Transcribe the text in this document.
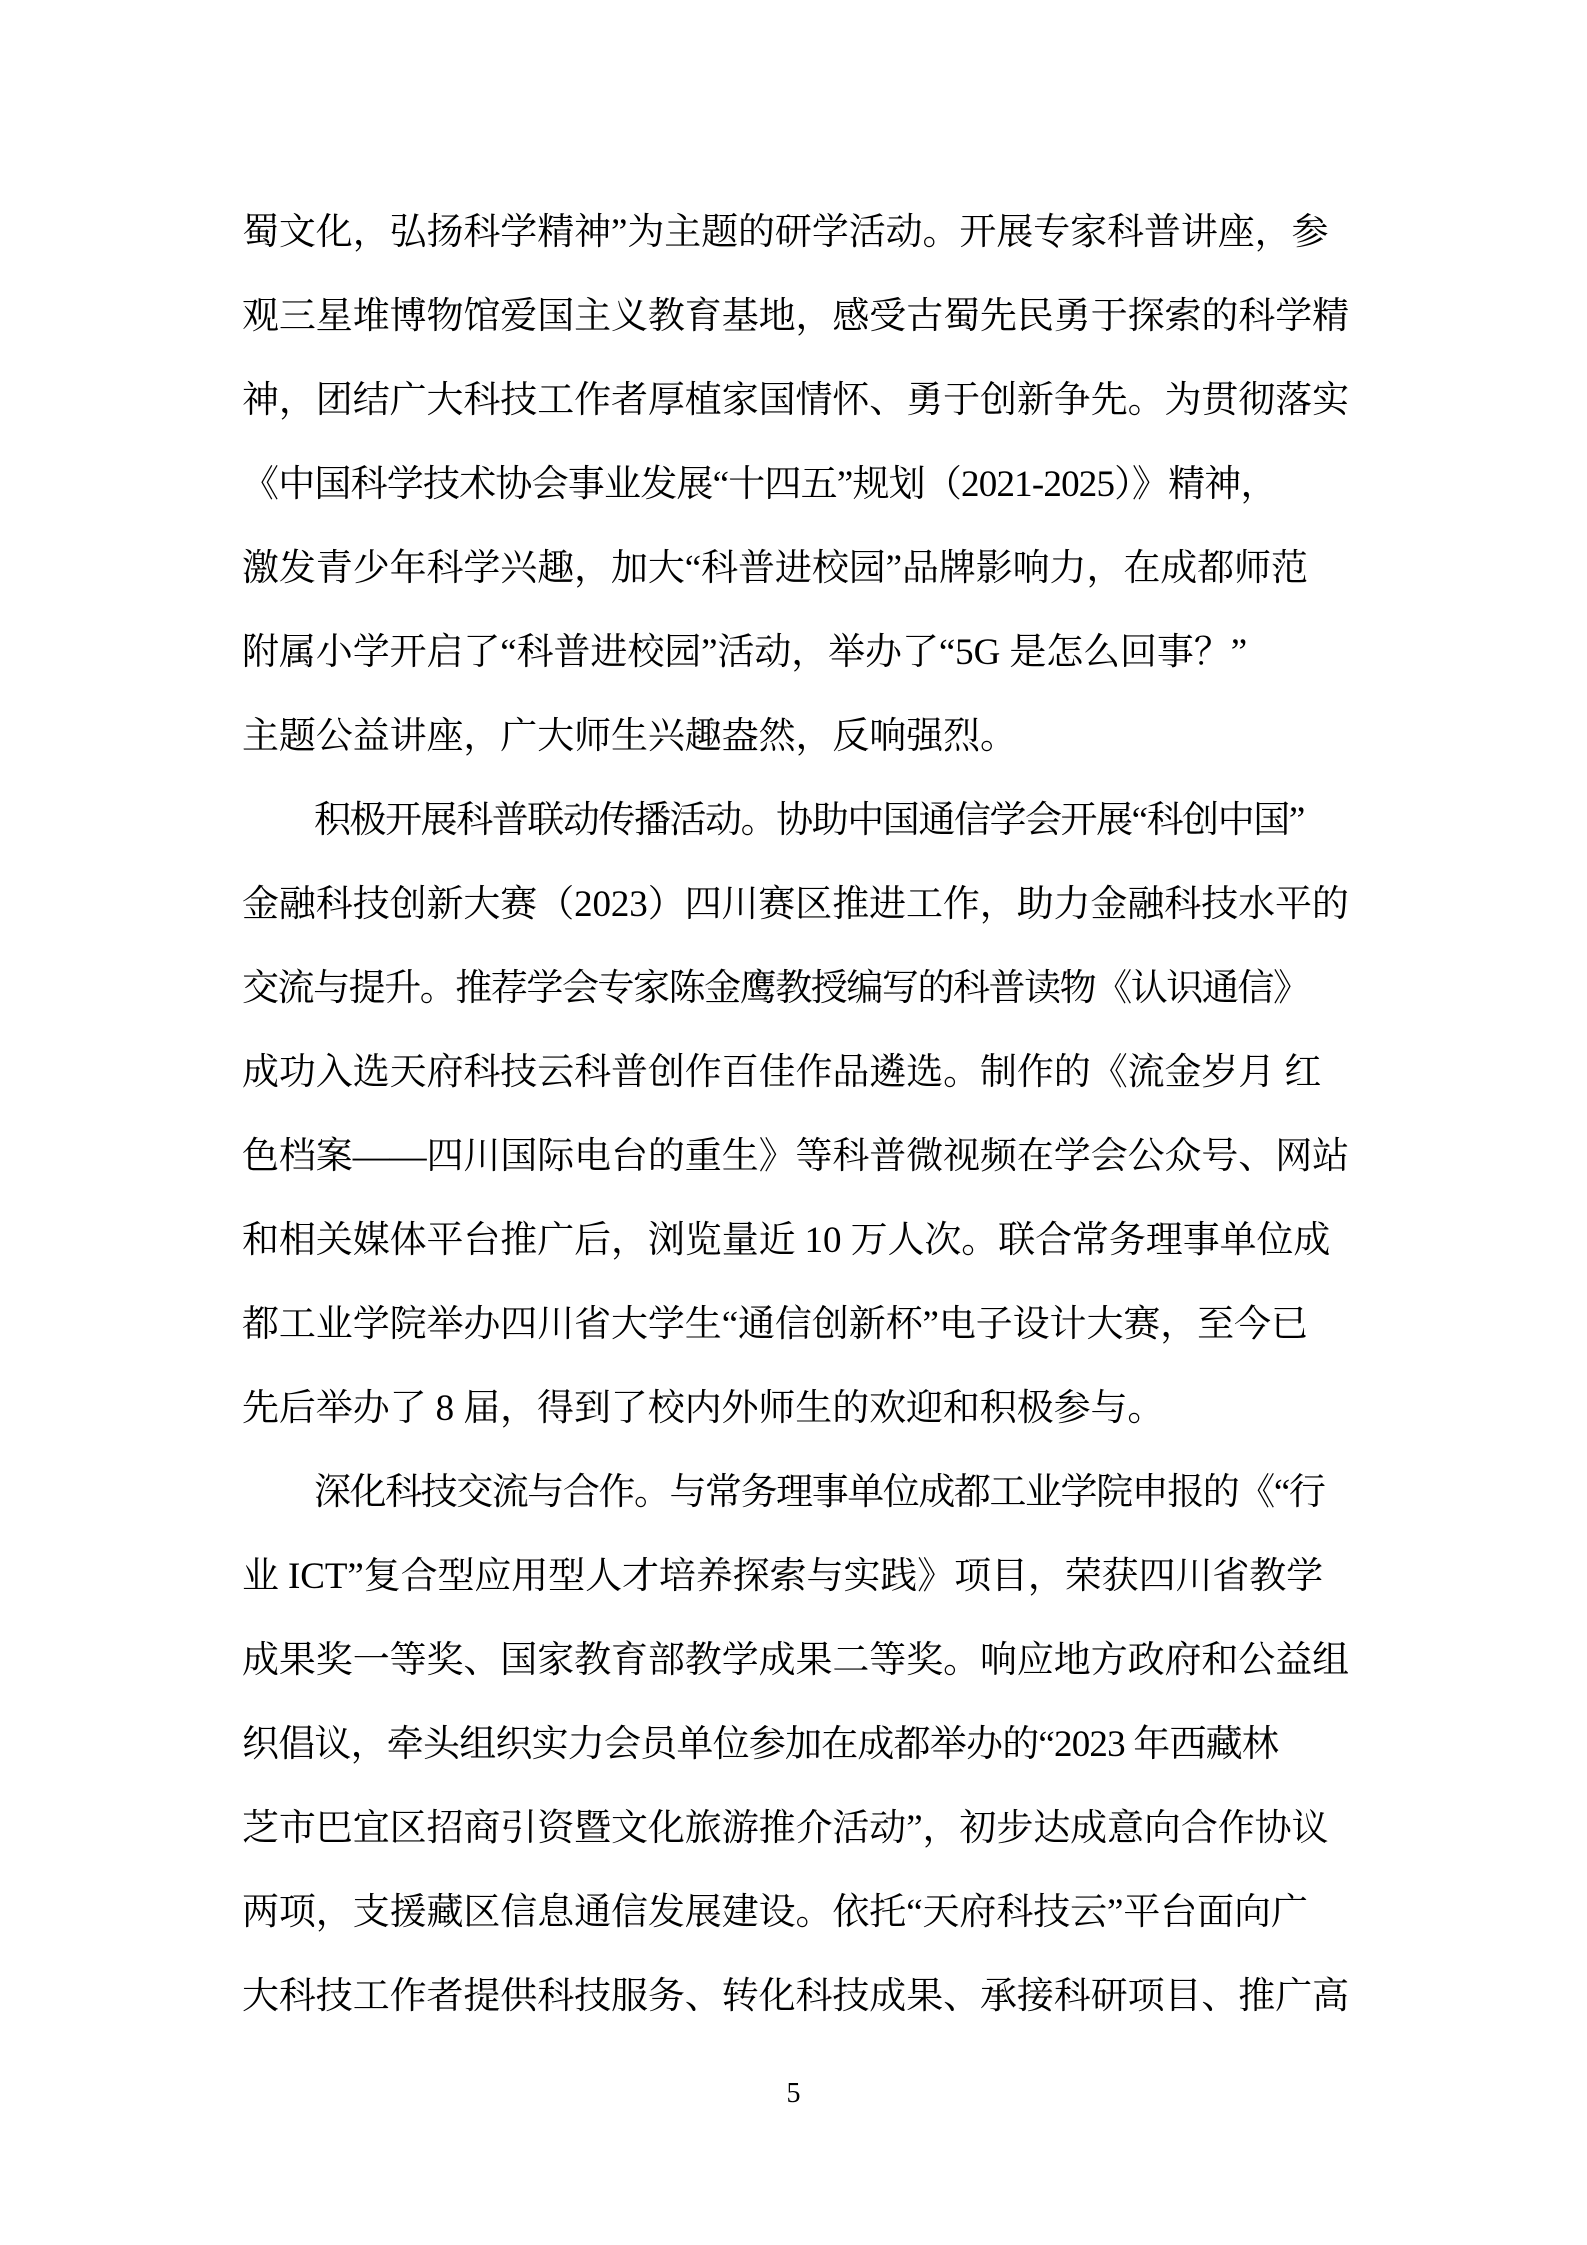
蜀文化，弘扬科学精神”为主题的研学活动。开展专家科普讲座，参
观三星堆博物馆爱国主义教育基地，感受古蜀先民勇于探索的科学精
神，团结广大科技工作者厚植家国情怀、勇于创新争先。为贯彻落实
《中国科学技术协会事业发展“十四五”规划（2021-2025）》精神，
激发青少年科学兴趣，加大“科普进校园”品牌影响力，在成都师范
附属小学开启了“科普进校园”活动，举办了“5G 是怎么回事？”
主题公益讲座，广大师生兴趣盎然，反响强烈。
积极开展科普联动传播活动。协助中国通信学会开展“科创中国”
金融科技创新大赛（2023）四川赛区推进工作，助力金融科技水平的
交流与提升。推荐学会专家陈金鹰教授编写的科普读物《认识通信》
成功入选天府科技云科普创作百佳作品遴选。制作的《流金岁月 红
色档案——四川国际电台的重生》等科普微视频在学会公众号、网站
和相关媒体平台推广后，浏览量近 10 万人次。联合常务理事单位成
都工业学院举办四川省大学生“通信创新杯”电子设计大赛，至今已
先后举办了 8 届，得到了校内外师生的欢迎和积极参与。
深化科技交流与合作。与常务理事单位成都工业学院申报的《“行
业 ICT”复合型应用型人才培养探索与实践》项目，荣获四川省教学
成果奖一等奖、国家教育部教学成果二等奖。响应地方政府和公益组
织倡议，牵头组织实力会员单位参加在成都举办的“2023 年西藏林
芝市巴宜区招商引资暨文化旅游推介活动”，初步达成意向合作协议
两项，支援藏区信息通信发展建设。依托“天府科技云”平台面向广
大科技工作者提供科技服务、转化科技成果、承接科研项目、推广高
5
